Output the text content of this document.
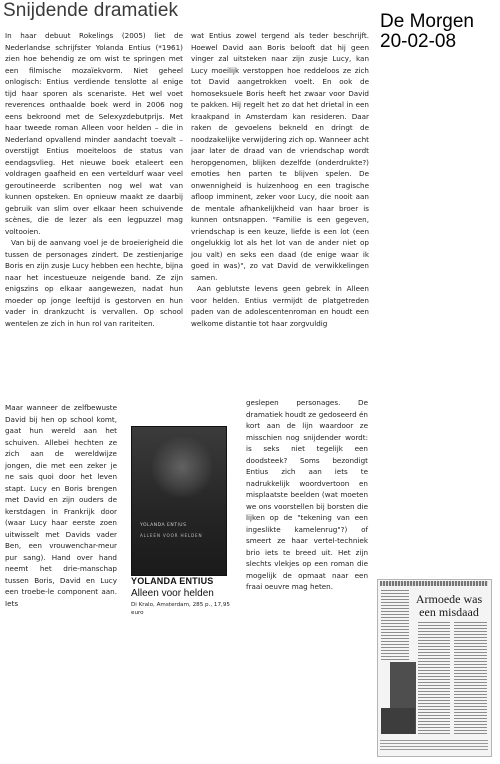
Snijdende dramatiek
De Morgen
20-02-08

In haar debuut Rokelings (2005) liet de Nederlandse schrijfster Yolanda Entius (*1961) zien hoe behendig ze om wist te springen met een filmische mozaïekvorm. Niet geheel onlogisch: Entius verdiende tenslotte al enige tijd haar sporen als scenariste. Het wel voet reverences onthaalde boek werd in 2006 nog eens bekroond met de Selexyzdebutprijs. Met haar tweede roman Alleen voor helden – die in Nederland opvallend minder aandacht toevalt – overstijgt Entius moeiteloos de status van eendagsvlieg. Het nieuwe boek etaleert een voldragen gaafheid en een verteldurf waar veel geroutineerde scribenten nog wel wat van kunnen opsteken. En opnieuw maakt ze daarbij gebruik van slim over elkaar heen schuivende scènes, die de lezer als een legpuzzel mag voltooien.

Van bij de aanvang voel je de broeierigheid die tussen de personages zindert. De zestienjarige Boris en zijn zusje Lucy hebben een hechte, bijna naar het incestueuze neigende band. Ze zijn enigszins op elkaar aangewezen, nadat hun moeder op jonge leeftijd is gestorven en hun vader in drankzucht is vervallen. Op school wentelen ze zich in hun rol van rariteiten.

Maar wanneer de zelfbewuste David bij hen op school komt, gaat hun wereld aan het schuiven. Allebei hechten ze zich aan de wereldwijze jongen, die met een zeker je ne sais quoi door het leven stapt. Lucy en Boris brengen met David en zijn ouders de kerstdagen in Frankrijk door (waar Lucy haar eerste zoen uitwisselt met Davids vader Ben, een vrouwenchar-meur pur sang). Hand over hand neemt het drie-manschap tussen Boris, David en Lucy een troebe-le component aan. Iets

wat Entius zowel tergend als teder beschrijft. Hoewel David aan Boris belooft dat hij geen vinger zal uitsteken naar zijn zusje Lucy, kan Lucy moeilijk verstoppen hoe reddeloos ze zich tot David aangetrokken voelt. En ook de homoseksuele Boris heeft het zwaar voor David te pakken. Hij regelt het zo dat het drietal in een kraakpand in Amsterdam kan resideren. Daar raken de gevoelens bekneld en dringt de noodzakelijke verwijdering zich op. Wanneer acht jaar later de draad van de vriendschap wordt heropgenomen, blijken dezelfde (onderdrukte?) emoties hen parten te blijven spelen. De onwennigheid is huizenhoog en een tragische afloop imminent, zeker voor Lucy, die nooit aan de mentale afhankelijkheid van haar broer is kunnen ontsnappen. "Familie is een gegeven, vriendschap is een keuze, liefde is een lot (een ongelukkig lot als het lot van de ander niet op jou valt) en seks een daad (de enige waar ik goed in was)", zo vat David de verwikkelingen samen.

Aan geblutste levens geen gebrek in Alleen voor helden. Entius vermijdt de platgetreden paden van de adolescentenroman en houdt een welkome distantie tot haar zorgvuldig

geslepen personages. De dramatiek houdt ze gedoseerd én kort aan de lijn waardoor ze misschien nog snijdender wordt: is seks niet tegelijk een doodsteek? Soms bezondigt Entius zich aan iets te nadrukkelijk woordvertoon en misplaatste beelden (wat moeten we ons voorstellen bij borsten die lijken op de "tekening van een ingeslikte kamelenrug"?) of smeert ze haar vertel-techniek brio iets te breed uit. Het zijn slechts vlekjes op een roman die mogelijk de opmaat naar een fraai oeuvre mag heten.

YOLANDA ENTIUS
ALLEEN VOOR HELDEN
YOLANDA ENTIUS
Alleen voor helden
Di Kralo, Amsterdam, 285 p., 17,95 euro
Armoede was een misdaad
